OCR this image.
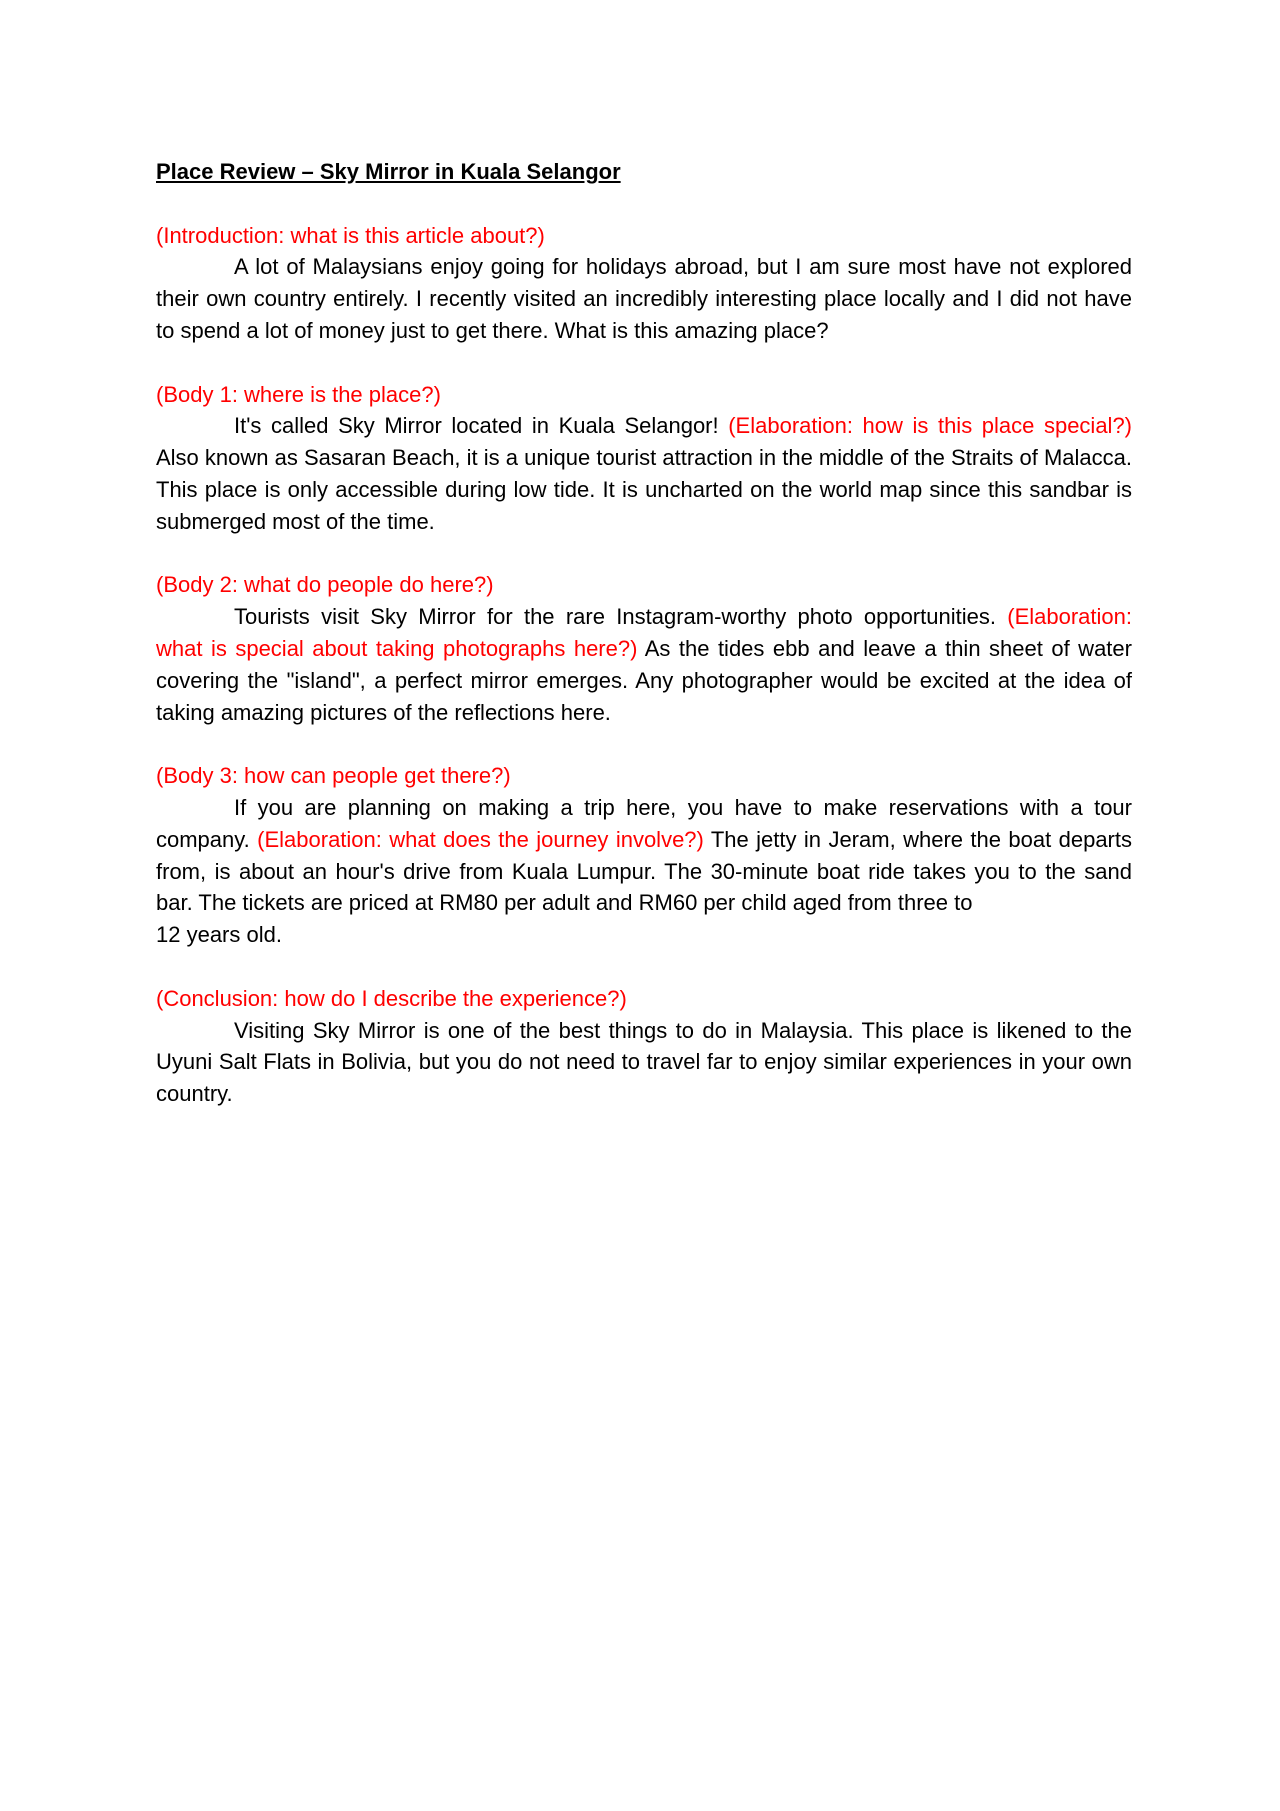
Place Review – Sky Mirror in Kuala Selangor

(Introduction: what is this article about?)

A lot of Malaysians enjoy going for holidays abroad, but I am sure most have not explored their own country entirely. I recently visited an incredibly interesting place locally and I did not have to spend a lot of money just to get there. What is this amazing place?

(Body 1: where is the place?)

It's called Sky Mirror located in Kuala Selangor! (Elaboration: how is this place special?) Also known as Sasaran Beach, it is a unique tourist attraction in the middle of the Straits of Malacca. This place is only accessible during low tide. It is uncharted on the world map since this sandbar is submerged most of the time.

(Body 2: what do people do here?)

Tourists visit Sky Mirror for the rare Instagram-worthy photo opportunities. (Elaboration: what is special about taking photographs here?) As the tides ebb and leave a thin sheet of water covering the "island", a perfect mirror emerges. Any photographer would be excited at the idea of taking amazing pictures of the reflections here.

(Body 3: how can people get there?)

If you are planning on making a trip here, you have to make reservations with a tour company. (Elaboration: what does the journey involve?) The jetty in Jeram, where the boat departs from, is about an hour's drive from Kuala Lumpur. The 30-minute boat ride takes you to the sand bar. The tickets are priced at RM80 per adult and RM60 per child aged from three to

12 years old.

(Conclusion: how do I describe the experience?)

Visiting Sky Mirror is one of the best things to do in Malaysia. This place is likened to the Uyuni Salt Flats in Bolivia, but you do not need to travel far to enjoy similar experiences in your own country.
